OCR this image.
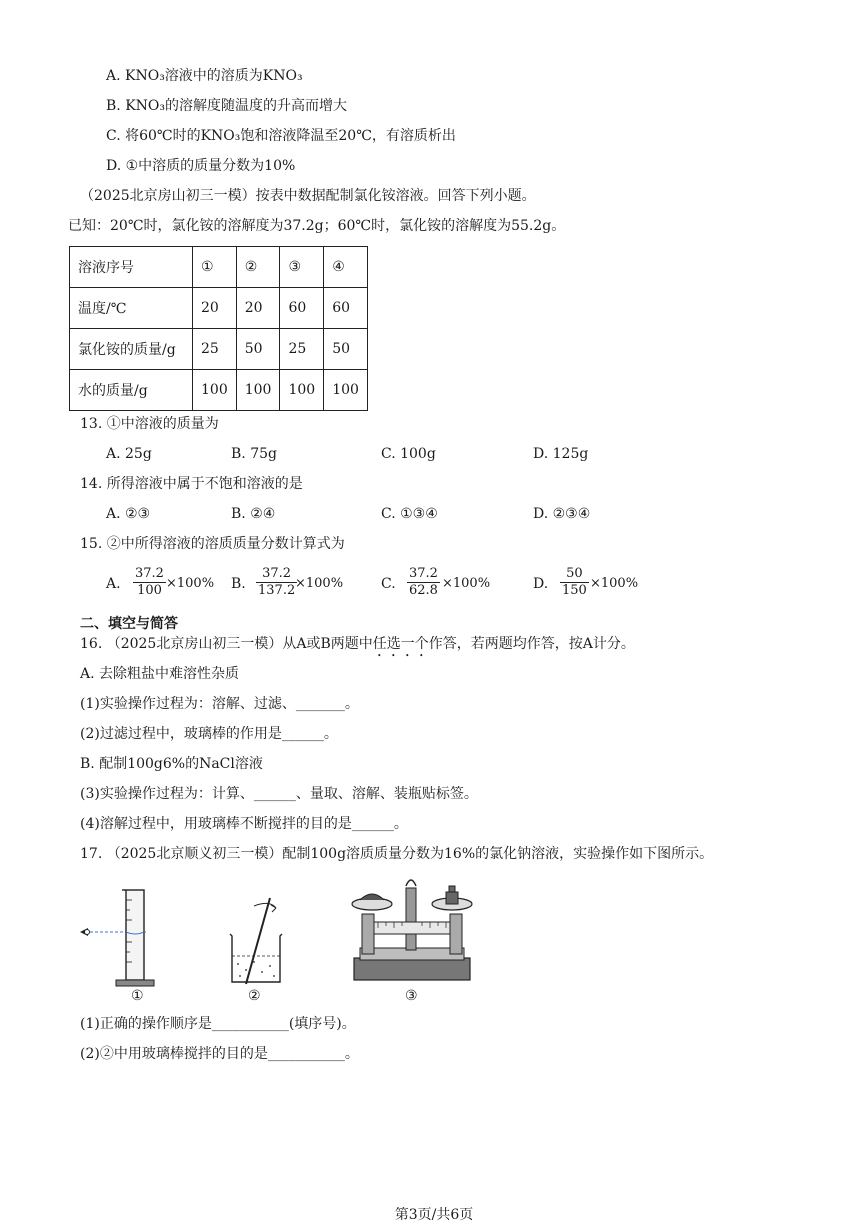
A. KNO₃溶液中的溶质为KNO₃
B. KNO₃的溶解度随温度的升高而增大
C. 将60℃时的KNO₃饱和溶液降温至20℃，有溶质析出
D. ①中溶质的质量分数为10%
（2025北京房山初三一模）按表中数据配制氯化铵溶液。回答下列小题。
已知：20℃时，氯化铵的溶解度为37.2g；60℃时，氯化铵的溶解度为55.2g。
溶液序号	①	②	③	④
温度/℃	20	20	60	60
氯化铵的质量/g	25	50	25	50
水的质量/g	100	100	100	100
13. ①中溶液的质量为
A. 25g	B. 75g	C. 100g	D. 125g
14. 所得溶液中属于不饱和溶液的是
A. ②③	B. ②④	C. ①③④	D. ②③④
15. ②中所得溶液的溶质质量分数计算式为
A. $\frac{37.2}{100} \times 100\%$ B. $\frac{37.2}{137.2}$
×100%	C. $\frac{37.2}{62.8} \times 100\%$	D. $\frac{50}{150} \times 100\%$
二、填空与简答
16. （2025北京房山初三一模）从A或B两题中任选一个作答，若两题均作答，按A计分。
A. 去除粗盐中难溶性杂质
(1)实验操作过程为：溶解、过滤、_______。
(2)过滤过程中，玻璃棒的作用是______。
B. 配制100g6%的NaCl溶液
(3)实验操作过程为：计算、______、量取、溶解、装瓶贴标签。
(4)溶解过程中，用玻璃棒不断搅拌的目的是______。
17. （2025北京顺义初三一模）配制100g溶质质量分数为16%的氯化钠溶液，实验操作如下图所示。
①	②	③
(1)正确的操作顺序是___________(填序号)。
(2)②中用玻璃棒搅拌的目的是___________。
第3页/共6页
